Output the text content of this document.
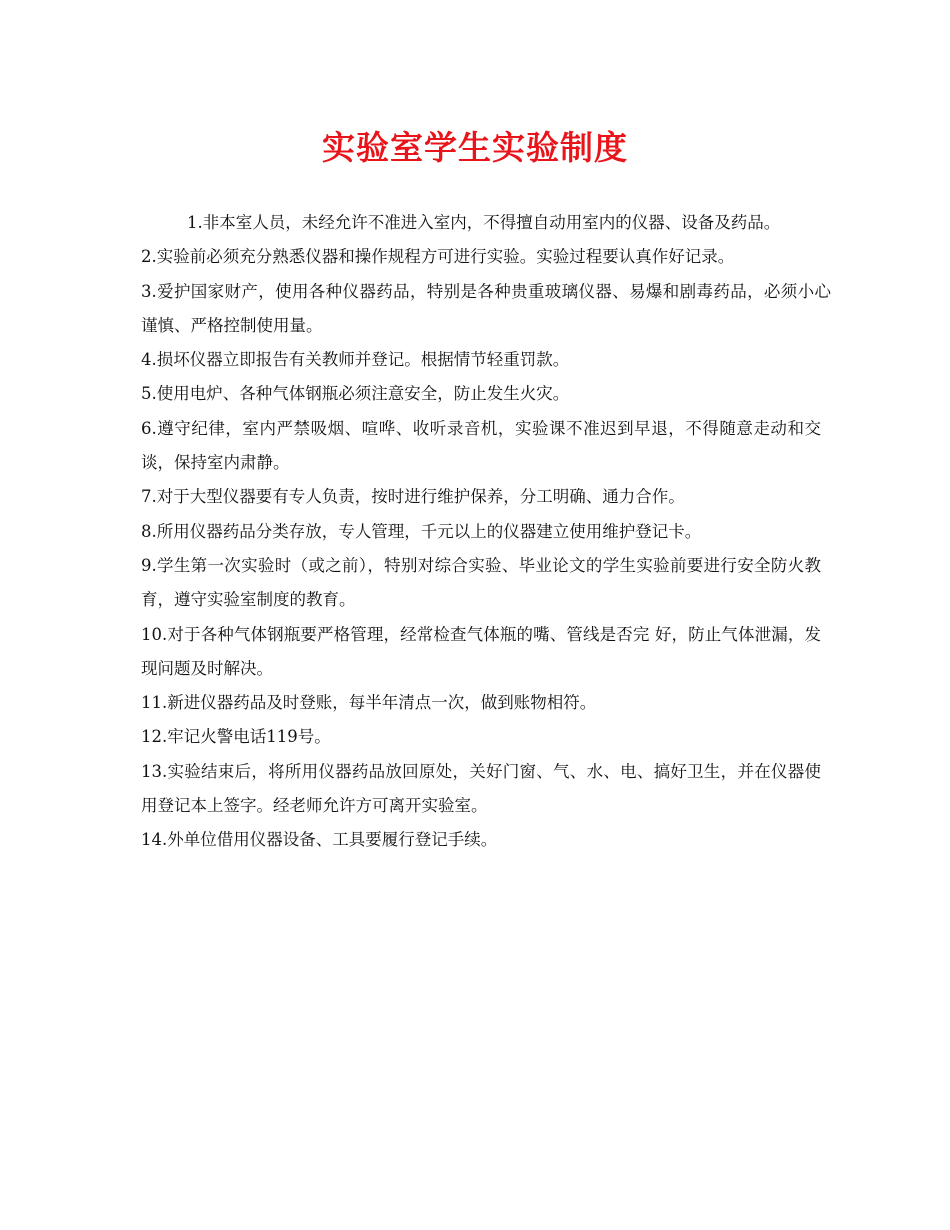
实验室学生实验制度

1.非本室人员，未经允许不准进入室内，不得擅自动用室内的仪器、设备及药品。

2.实验前必须充分熟悉仪器和操作规程方可进行实验。实验过程要认真作好记录。

3.爱护国家财产，使用各种仪器药品，特别是各种贵重玻璃仪器、易爆和剧毒药品，必须小心谨慎、严格控制使用量。

4.损坏仪器立即报告有关教师并登记。根据情节轻重罚款。

5.使用电炉、各种气体钢瓶必须注意安全，防止发生火灾。

6.遵守纪律，室内严禁吸烟、喧哗、收听录音机，实验课不准迟到早退，不得随意走动和交谈，保持室内肃静。

7.对于大型仪器要有专人负责，按时进行维护保养，分工明确、通力合作。

8.所用仪器药品分类存放，专人管理，千元以上的仪器建立使用维护登记卡。

9.学生第一次实验时（或之前），特别对综合实验、毕业论文的学生实验前要进行安全防火教育，遵守实验室制度的教育。

10.对于各种气体钢瓶要严格管理，经常检查气体瓶的嘴、管线是否完 好，防止气体泄漏，发现问题及时解决。

11.新进仪器药品及时登账，每半年清点一次，做到账物相符。

12.牢记火警电话119号。

13.实验结束后，将所用仪器药品放回原处，关好门窗、气、水、电、搞好卫生，并在仪器使用登记本上签字。经老师允许方可离开实验室。

14.外单位借用仪器设备、工具要履行登记手续。
